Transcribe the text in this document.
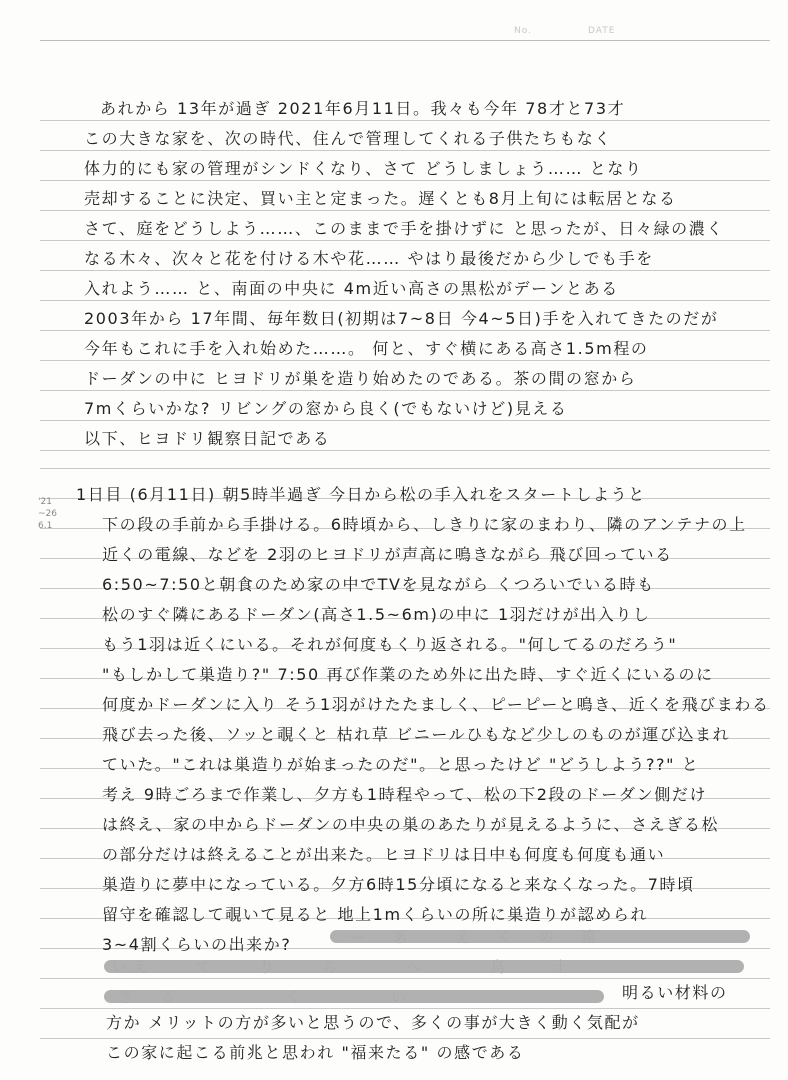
No.	DATE
あれから 13年が過ぎ 2021年6月11日。我々も今年 78才と73才
この大きな家を、次の時代、住んで管理してくれる子供たちもなく
体力的にも家の管理がシンドくなり、さて どうしましょう…… となり
売却することに決定、買い主と定まった。遅くとも8月上旬には転居となる
さて、庭をどうしよう……、このままで手を掛けずに と思ったが、日々緑の濃く
なる木々、次々と花を付ける木や花…… やはり最後だから少しでも手を
入れよう…… と、南面の中央に 4m近い高さの黒松がデーンとある
2003年から 17年間、毎年数日(初期は7~8日 今4~5日)手を入れてきたのだが
今年もこれに手を入れ始めた……。 何と、すぐ横にある高さ1.5m程の
ドーダンの中に ヒヨドリが巣を造り始めたのである。茶の間の窓から
7mくらいかな? リビングの窓から良く(でもないけど)見える
以下、ヒヨドリ観察日記である
'21
~26
6.1
1日目 (6月11日) 朝5時半過ぎ 今日から松の手入れをスタートしようと
下の段の手前から手掛ける。6時頃から、しきりに家のまわり、隣のアンテナの上
近くの電線、などを 2羽のヒヨドリが声高に鳴きながら 飛び回っている
6:50~7:50と朝食のため家の中でTVを見ながら くつろいでいる時も
松のすぐ隣にあるドーダン(高さ1.5~6m)の中に 1羽だけが出入りし
もう1羽は近くにいる。それが何度もくり返される。"何してるのだろう"
"もしかして巣造り?" 7:50 再び作業のため外に出た時、すぐ近くにいるのに
何度かドーダンに入り そう1羽がけたたましく、ピーピーと鳴き、近くを飛びまわる
飛び去った後、ソッと覗くと 枯れ草 ビニールひもなど少しのものが運び込まれ
ていた。"これは巣造りが始まったのだ"。と思ったけど "どうしよう??" と
考え 9時ごろまで作業し、夕方も1時程やって、松の下2段のドーダン側だけ
は終え、家の中からドーダンの中央の巣のあたりが見えるように、さえぎる松
の部分だけは終えることが出来た。ヒヨドリは日中も何度も何度も通い
巣造りに夢中になっている。夕方6時15分頃になると来なくなった。7時頃
留守を確認して覗いて見ると 地上1mくらいの所に巣造りが認められ
3~4割くらいの出来か?
明るい材料の
方か メリットの方が多いと思うので、多くの事が大きく動く気配が
この家に起こる前兆と思われ "福来たる" の感である
